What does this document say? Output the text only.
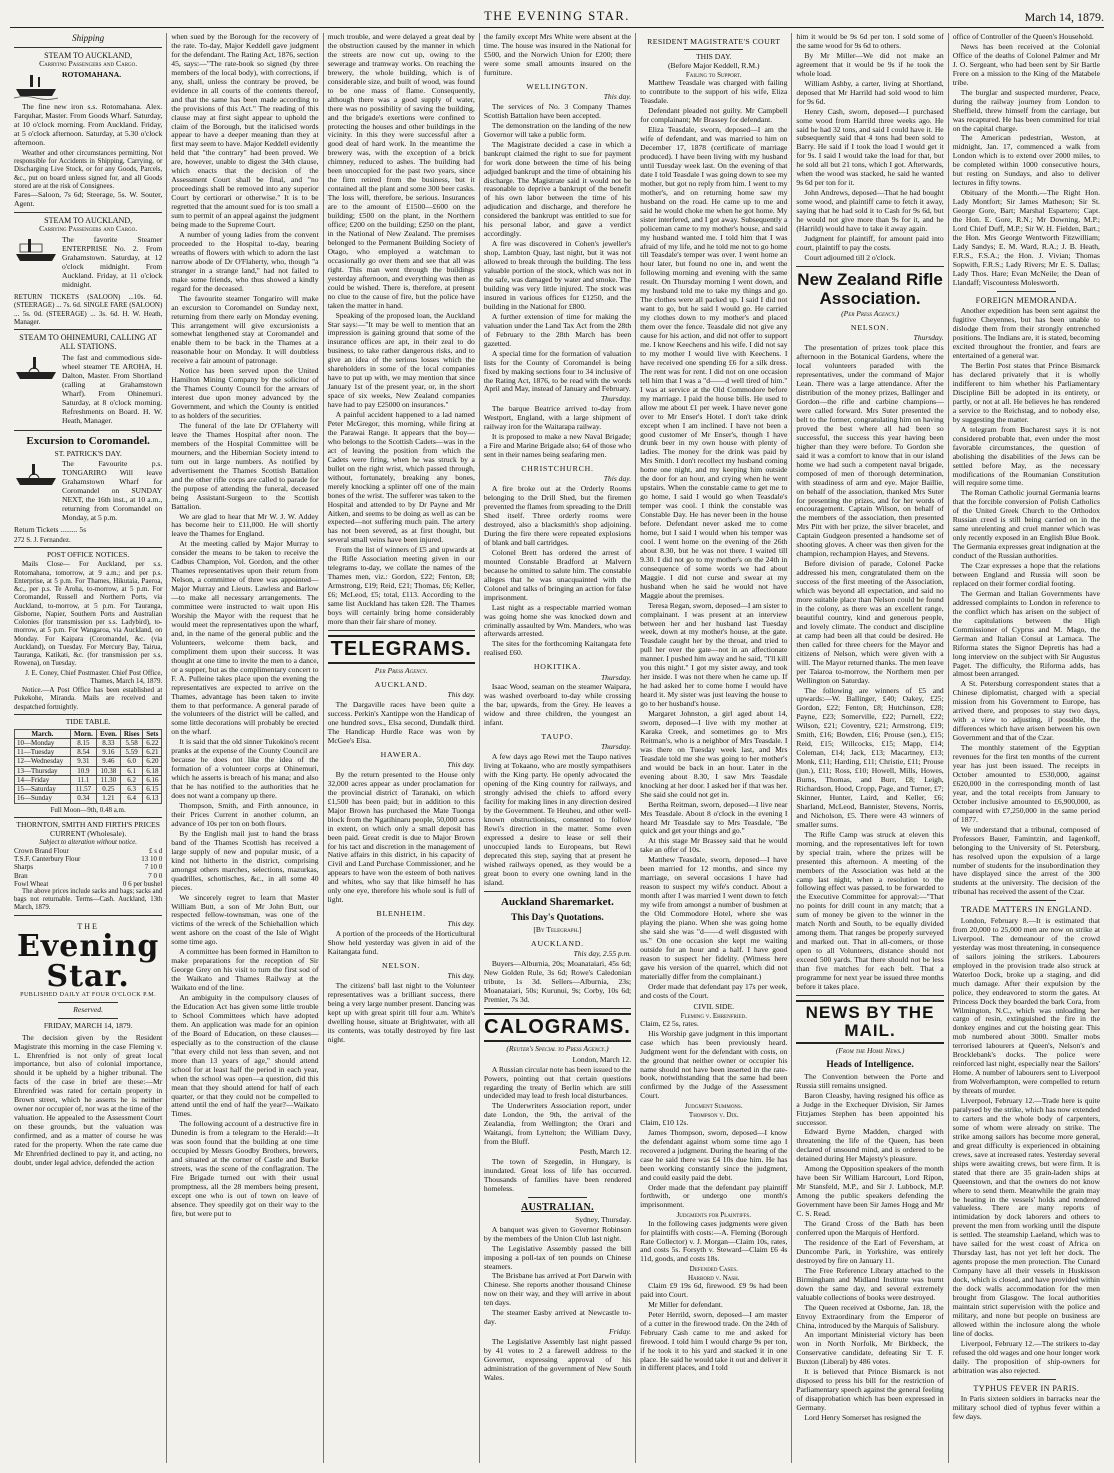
THE EVENING STAR.	March 14, 1879.
Shipping
STEAM TO AUCKLAND,
Carrying Passengers and Cargo.
ROTOMAHANA.

The fine new iron s.s. Rotomahana. Alex. Farquhar, Master. From Goods Wharf. Saturday, at 10 o'clock morning. From Auckland. Friday, at 5 o'clock afternoon. Saturday, at 5.30 o'clock afternoon.

Weather and other circumstances permitting. Not responsible for Accidents in Shipping, Carrying, or Discharging Live Stock, or for any Goods, Parcels, &c., put on board unless signed for, and all Goods stored are at the risk of Consignees.

Fares—Saloon, 7s 6d; Steerage, 5s. W. Souter, Agent.

STEAM TO AUCKLAND,
Carrying Passengers and Cargo.

The favorite Steamer ENTERPRISE No. 2. From Grahamstown. Saturday, at 12 o'clock midnight. From Auckland. Friday, at 11 o'clock midnight.

RETURN TICKETS (SALOON) ...10s. 6d. (STEERAGE) ... 7s. 6d. SINGLE FARE (SALOON) ... 5s. 0d. (STEERAGE) ... 3s. 6d. H. W. Heath, Manager.

STEAM TO OHINEMURI, CALLING AT ALL STATIONS.

The fast and commodious side-wheel steamer TE AROHA, H. Dalton, Master. From Shortland (calling at Grahamstown Wharf). From Ohinemuri. Saturday, at 8 o'clock morning. Refreshments on Board. H. W. Heath, Manager.

Excursion to Coromandel.
ST. PATRICK'S DAY.

The Favourite p.s. TONGARIRO Will leave Grahamstown Wharf for Coromandel on SUNDAY NEXT, the 16th inst., at 10 a.m., returning from Coromandel on Monday, at 5 p.m.

Return Tickets ......... 5s

272 S. J. Fernandez.

POST OFFICE NOTICES.

Mails Close— For Auckland, per s.s. Rotomahana, tomorrow, at 9 a.m.; and per p.s. Enterprise, at 5 p.m. For Thames, Hikutaia, Paeroa, &c., per p.s. Te Aroha, to-morrow, at 5 p.m. For Coromandel, Russell and Northern Ports, via Auckland, to-morrow, at 5 p.m. For Tauranga, Gisborne, Napier, Southern Ports and Australian Colonies (for transmission per s.s. Ladybird), to-morrow, at 5 p.m. For Wangaroa, via Auckland, on Monday. For Kaipara (Coromandel, &c. (via Auckland), on Tuesday. For Mercury Bay, Tairua, Tauranga, Katikati, &c. (for transmission per s.s. Rowena), on Tuesday.

J. E. Coney, Chief Postmaster. Chief Post Office, Thames, March 14, 1879.

Notice.—A Post Office has been established at Pukekohe, Miranda. Mails are received and despatched fortnightly.

TIDE TABLE.
March.	Morn.	Even.	Rises	Sets
10—Monday	8.15	8.33	5.58	6.22
11—Tuesday	8.54	9.16	5.59	6.21
12—Wednesday	9.31	9.46	6.0	6.20
13—Thursday	10.9	10.38	6.1	6.18
14—Friday	11.1	11.30	6.2	6.16
15—Saturday	11.57	0.25	6.3	6.15
16—Sunday	0.34	1.21	6.4	6.13
Full Moon—9th, 0.48 a.m.
THORNTON, SMITH AND FIRTH'S PRICES CURRENT (Wholesale).
Subject to alteration without notice.
Crown Brand Flour	£ s d
T.S.F. Canterbury Flour	13 10 0
Sharps	7 10 0
Bran	7 0 0
Fowl Wheat	0 6 per bushel

The above prices include sacks and bags; sacks and bags not returnable. Terms—Cash. Auckland, 13th March, 1879.

THE
Evening Star.
PUBLISHED DAILY AT FOUR O'CLOCK P.M.
Reserved.
FRIDAY, MARCH 14, 1879.

The decision given by the Resident Magistrate this morning in the case Fleming v. L. Ehrenfried is not only of great local importance, but also of colonial importance, should it be upheld by a higher tribunal. The facts of the case in brief are these:—Mr Ehrenfried was rated for certain property in Brown street, which he asserts he is neither owner nor occupier of, nor was at the time of the valuation. He appealed to the Assessment Court on these grounds, but the valuation was confirmed, and as a matter of course he was rated for the property. When the rate came due Mr Ehrenfried declined to pay it, and acting, no doubt, under legal advice, defended the action

when sued by the Borough for the recovery of the rate. To-day, Major Keddell gave judgment for the defendant. The Rating Act, 1876, section 45, says:—"The rate-book so signed (by three members of the local body), with corrections, if any, shall, unless the contrary be proved, be evidence in all courts of the contents thereof, and that the same has been made according to the provisions of this Act." The reading of this clause may at first sight appear to uphold the claim of the Borough, but the italicised words appear to have a deeper meaning than they at first may seem to have. Major Keddell evidently held that "the contrary" had been proved. We are, however, unable to digest the 34th clause, which enacts that the decision of the Assessment Court shall be final, and "no proceedings shall be removed into any superior Court by certiorari or otherwise." It is to be regretted that the amount sued for is too small a sum to permit of an appeal against the judgment being made to the Supreme Court.

A number of young ladies from the convent proceeded to the Hospital to-day, bearing wreaths of flowers with which to adorn the last narrow abode of Dr O'Flaherty, who, though "a stranger in a strange land," had not failed to make some friends, who thus showed a kindly regard for the deceased.

The favourite steamer Tongariro will make an excursion to Coromandel on Sunday next, returning from there early on Monday evening. This arrangement will give excursionists a somewhat lengthened stay at Coromandel and enable them to be back in the Thames at a reasonable hour on Monday. It will doubtless receive a fair amount of patronage.

Notice has been served upon the United Hamilton Mining Company by the solicitor of the Thames County Council for the arrears of interest due upon money advanced by the Government, and which the County is entitled to as holders of the securities.

The funeral of the late Dr O'Flaherty will leave the Thames Hospital after noon. The members of the Hospital Committee will be mourners, and the Hibernian Society intend to turn out in large numbers. As notified by advertisement the Thames Scottish Battalion and the other rifle corps are called to parade for the purpose of attending the funeral, deceased being Assistant-Surgeon to the Scottish Battalion.

We are glad to hear that Mr W. J. W. Addey has become heir to £11,000. He will shortly leave the Thames for England.

At the meeting called by Major Murray to consider the means to be taken to receive the Cadbus Champion, Vol. Gordon, and the other Thames representatives upon their return from Nelson, a committee of three was appointed—Major Murray and Lieuts. Lawless and Barlow—to make all necessary arrangements. The committee were instructed to wait upon His Worship the Mayor with the request that he would meet the representatives upon the wharf, and, in the name of the general public and the Volunteers, welcome them back, and compliment them upon their success. It was thought at one time to invite the men to a dance, or a supper, but as the complimentary concert to F. A. Pulleine takes place upon the evening the representatives are expected to arrive on the Thames, advantage has been taken to invite them to that performance. A general parade of the volunteers of the district will be called, and some little decorations will probably be erected on the wharf.

It is said that the old sinner Tukokino's recent pranks at the expense of the County Council are because he does not like the idea of the formation of a volunteer corps at Ohinemuri, which he asserts is breach of his mana; and also that he has notified to the authorities that he does not want a company up there.

Thompson, Smith, and Firth announce, in their Prices Current in another column, an advance of 10s per ton on both flours.

By the English mail just to hand the brass band of the Thames Scottish has received a large supply of new and popular music, of a kind not hitherto in the district, comprising amongst others marches, selections, mazurkas, quadrilles, schottisches, &c., in all some 40 pieces.

We sincerely regret to learn that Master William Butt, a son of Mr John Butt, our respected fellow-townsman, was one of the victims of the wreck of the Schiehallion which went ashore on the coast of the Isle of Wight some time ago.

A committee has been formed in Hamilton to make preparations for the reception of Sir George Grey on his visit to turn the first sod of the Waikato and Thames Railway at the Waikato end of the line.

An ambiguity in the compulsory clauses of the Education Act has given some little trouble to School Committees which have adopted them. An application was made for an opinion of the Board of Education, on these clauses—especially as to the construction of the clause "that every child not less than seven, and not more than 13 years of age," should attend school for at least half the period in each year, when the school was open—a question, did this mean that they should attend for half of each quarter, or that they could not be compelled to attend until the end of half the year?—Waikato Times.

The following account of a destructive fire in Dunedin is from a telegram to the Herald:—It was soon found that the building at one time occupied by Messrs Goodby Brothers, brewers, and situated at the corner of Castle and Burke streets, was the scene of the conflagration. The Fire Brigade turned out with their usual promptness, all the 28 members being present, except one who is out of town on leave of absence. They speedily got on their way to the fire, but were put to

much trouble, and were delayed a great deal by the obstruction caused by the manner in which the streets are now cut up, owing to the sewerage and tramway works. On reaching the brewery, the whole building, which is of considerable size, and built of wood, was found to be one mass of flame. Consequently, although there was a good supply of water, there was no possibility of saving the building, and the brigade's exertions were confined to protecting the houses and other buildings in the vicinity. In this they were successful after a good deal of hard work. In the meantime the brewery was, with the exception of a brick chimney, reduced to ashes. The building had been unoccupied for the past two years, since the firm retired from the business, but it contained all the plant and some 300 beer casks. The loss will, therefore, be serious. Insurances are to the amount of £1500—£600 on the building; £500 on the plant, in the Northern office; £200 on the building; £250 on the plant, in the National of New Zealand. The premises belonged to the Permanent Building Society of Otago, who employed a watchman to occasionally go over them and see that all was right. This man went through the buildings yesterday afternoon, and everything was then as could be wished. There is, therefore, at present no clue to the cause of fire, but the police have taken the matter in hand.

Speaking of the proposed loan, the Auckland Star says:—"It may be well to mention that an impression is gaining ground that some of the insurance offices are apt, in their zeal to do business, to take rather dangerous risks, and to give an idea of the serious losses which the shareholders in some of the local companies have to put up with, we may mention that since January 1st of the present year, or, in the short space of six weeks, New Zealand companies have had to pay £25000 on insurances."

A painful accident happened to a lad named Peter McGregor, this morning, while firing at the Parawai Range. It appears that the boy—who belongs to the Scottish Cadets—was in the act of leaving the position from which the Cadets were firing, when he was struck by a bullet on the right wrist, which passed through, without, fortunately, breaking any bones, merely knocking a splinter off one of the main bones of the wrist. The sufferer was taken to the Hospital and attended to by Dr Payne and Mr Aitken, and seems to be doing as well as can be expected—not suffering much pain. The artery has not been severed, as at first thought, but several small veins have been injured.

From the list of winners of £5 and upwards at the Rifle Association meeting given in our telegrams to-day, we collate the names of the Thames men, viz.: Gordon, £22; Fenton, £8; Armstrong, £19; Reid, £21; Thomas, £6; Keller, £6; McLeod, £5; total, £113. According to the same list Auckland has taken £28. The Thames boys will certainly bring home considerably more than their fair share of money.

TELEGRAMS.
Per Press Agency.
AUCKLAND.

This day.

The Dargaville races have been quite a success. Perkin's Xantippe won the Handicap of one hundred sovs., Elsa second, Dundalk third. The Handicap Hurdle Race was won by McGee's Elsa.

HAWERA.

This day.

By the return presented to the House only 32,000 acres appear as under proclamation for the provincial district of Taranaki, on which £1,500 has been paid; but in addition to this Major Brown has purchased the Mate Tuonga block from the Ngatihinaru people, 50,000 acres in extent, on which only a small deposit has been paid. Great credit is due to Major Brown for his tact and discretion in the management of Native affairs in this district, in his capacity of Civil and Land Purchase Commissioner, and he appears to have won the esteem of both natives and whites, who say that like himself he has only one eye, therefore his whole soul is full of light.

BLENHEIM.

This day.

A portion of the proceeds of the Horticultural Show held yesterday was given in aid of the Kaitangata fund.

NELSON.

This day.

The citizens' ball last night to the Volunteer representatives was a brilliant success, there being a very large number present. Dancing was kept up with great spirit till four a.m. White's dwelling house, situate at Brightwater, with all its contents, was totally destroyed by fire last night.

the family except Mrs White were absent at the time. The house was insured in the National for £500, and the Norwich Union for £200; there were some small amounts insured on the furniture.

WELLINGTON.

This day.

The services of No. 3 Company Thames Scottish Battalion have been accepted.

The demonstration on the landing of the new Governor will take a public form.

The Magistrate decided a case in which a bankrupt claimed the right to sue for payment for work done between the time of his being adjudged bankrupt and the time of obtaining his discharge. The Magistrate said it would not be reasonable to deprive a bankrupt of the benefit of his own labor between the time of his adjudication and discharge, and therefore he considered the bankrupt was entitled to sue for his personal labor, and gave a verdict accordingly.

A fire was discovered in Cohen's jeweller's shop, Lambton Quay, last night, but it was not allowed to break through the building. The less valuable portion of the stock, which was not in the safe, was damaged by water and smoke. The building was very little injured. The stock was insured in various offices for £1250, and the building in the National for £800.

A further extension of time for making the valuation under the Land Tax Act from the 28th of February to the 28th March has been gazetted.

A special time for the formation of valuation lists for the County of Coromandel is being fixed by making sections four to 34 inclusive of the Rating Act, 1876, to be read with the words April and May, instead of January and February.

Thursday.

The barque Beatrice arrived to-day from Westport, England, with a large shipment of railway iron for the Waitarapa railway.

It is proposed to make a new Naval Brigade; a Fire and Marine Brigade also; 64 of those who sent in their names being seafaring men.

CHRISTCHURCH.

This day.

A fire broke out at the Orderly Rooms belonging to the Drill Shed, but the firemen prevented the flames from spreading to the Drill Shed itself. Three orderly rooms were destroyed, also a blacksmith's shop adjoining. During the fire there were repeated explosions of blank and ball cartridges.

Colonel Brett has ordered the arrest of mounted Constable Bradford at Malvern because he omitted to salute him. The constable alleges that he was unacquainted with the Colonel and talks of bringing an action for false imprisonment.

Last night as a respectable married woman was going home she was knocked down and criminally assaulted by Wm. Manders, who was afterwards arrested.

The sites for the forthcoming Kaitangata fete realised £60.

HOKITIKA.

Thursday.

Isaac Wood, seaman on the steamer Waipara, was washed overboard to-day while crossing the bar, upwards, from the Grey. He leaves a widow and three children, the youngest an infant.

TAUPO.

Thursday.

A few days ago Rewi met the Taupo natives living at Tokaano, who are mostly sympathisers with the King party. He openly advocated the opening of the King country for railways, and strongly advised the chiefs to afford every facility for making lines in any direction desired by the Government. Te Heuheu, and other well-known obstructionists, consented to follow Rewi's direction in the matter. Some even expressed a desire to lease or sell their unoccupied lands to Europeans, but Rewi deprecated this step, saying that at present he wished railways opened, as they would be a great boon to every one owning land in the island.

Auckland Sharemarket.
This Day's Quotations.
[By Telegraph.]
AUCKLAND.

This day, 2.55 p.m.

Buyers—Alburnia, 20s; Moanataiari, 45s 6d; New Golden Rule, 3s 6d; Rowe's Caledonian tribute, 1s 3d. Sellers—Alburnia, 23s; Moanataiari, 50s; Kurunui, 9s; Corby, 10s 6d; Premier, 7s 3d.

CALOGRAMS.
(Reuter's Special to Press Agency.)

London, March 12.

A Russian circular note has been issued to the Powers, pointing out that certain questions regarding the treaty of Berlin which are still undecided may lead to fresh local disturbances.

The Underwriters Association report, under date London, the 9th, the arrival of the Zealandia, from Wellington; the Orari and Waitangi, from Lyttelton; the William Davy, from the Bluff.

Pesth, March 12.

The town of Szegedin, in Hungary, is inundated. Great loss of life has occurred. Thousands of families have been rendered homeless.

AUSTRALIAN.

Sydney, Thursday.

A banquet was given to Governor Robinson by the members of the Union Club last night.

The Legislative Assembly passed the bill imposing a poll-tax of ten pounds on Chinese steamers.

The Brisbane has arrived at Port Darwin with Chinese. She reports another thousand Chinese now on their way, and they will arrive in about ten days.

The steamer Easby arrived at Newcastle to-day.

Friday.

The Legislative Assembly last night passed by 41 votes to 2 a farewell address to the Governor, expressing approval of his administration of the government of New South Wales.

RESIDENT MAGISTRATE'S COURT
THIS DAY.
(Before Major Keddell, R.M.)
Failing to Support.

Matthew Teasdale was charged with failing to contribute to the support of his wife, Eliza Teasdale.

Defendant pleaded not guilty. Mr Campbell for complainant; Mr Brassey for defendant.

Eliza Teasdale, sworn, deposed—I am the wife of defendant, and was married to him on December 17, 1878 (certificate of marriage produced). I have been living with my husband until Tuesday week last. On the evening of that date I told Teasdale I was going down to see my mother, but got no reply from him. I went to my mother's, and on returning home saw my husband on the road. He came up to me and said he would choke me when he got home. My sister interfered, and I got away. Subsequently a policeman came to my mother's house, and said my husband wanted me. I told him that I was afraid of my life, and he told me not to go home till Teasdale's temper was over. I went home an hour later, but found no one in, and went the following morning and evening with the same result. On Thursday morning I went down, and my husband told me to take my things and go. The clothes were all packed up. I said I did not want to go, but he said I would go. He carried my clothes down to my mother's and placed them over the fence. Teasdale did not give any cause for his action, and did not offer to support me. I know Keechens and his wife. I did not say to my mother I would live with Keechens. I have received one spending £6 for a silk dress. The rent was for rent. I did not on one occasion tell him that I was a "d——d well tired of him." I was at service at the Old Commodore before my marriage. I paid the house bills. He used to allow me about £1 per week. I have never gone over to Mr Enser's Hotel. I don't take drink except when I am inclined. I have not been a good customer of Mr Enser's, though I have drunk beer in my own house with plenty of ladies. The money for the drink was paid by Mrs Smith. I don't recollect my husband coming home one night, and my keeping him outside the door for an hour, and crying when he went upstairs. When the constable came to get me to go home, I said I would go when Teasdale's temper was cool. I think the constable was Constable Day. He has never been in the house before. Defendant never asked me to come home, but I said I would when his temper was cool. I went home on the evening of the 26th about 8.30, but he was not there. I waited till 9.30. I did not go to my mother's on the 24th in consequence of some words we had about Maggie. I did not curse and swear at my husband when he said he would not have Maggie about the premises.

Teresa Regan, sworn, deposed—I am sister to complainant. I was present at an interview between her and her husband last Tuesday week, down at my mother's house, at the gate. Teasdale caught her by the throat, and tried to pull her over the gate—not in an affectionate manner. I pushed him away and he said, "I'll kill you this night." I got my sister away, and took her inside. I was not there when he came up. If he had asked her to come home I would have heard it. My sister was just leaving the house to go to her husband's house.

Margaret Johnston, a girl aged about 14, sworn, deposed—I live with my mother at Karaka Creek, and sometimes go to Mrs Reitman's, who is a neighbor of Mrs Teasdale. I was there on Tuesday week last, and Mrs Teasdale told me she was going to her mother's and would be back in an hour. Later in the evening about 8.30, I saw Mrs Teasdale knocking at her door. I asked her if that was her. She said she could not get in.

Bertha Reitman, sworn, deposed—I live near Mrs Teasdale. About 8 o'clock in the evening I heard Mr Teasdale say to Mrs Teasdale, "Be quick and get your things and go."

At this stage Mr Brassey said that he would take an offer of 10s.

Matthew Teasdale, sworn, deposed—I have been married for 12 months, and since my marriage, on several occasions I have had reason to suspect my wife's conduct. About a month after I was married I went down to fetch my wife from amongst a number of bushmen at the Old Commodore Hotel, where she was playing the piano. When she was going home she said she was "d——d well disgusted with us." On one occasion she kept me waiting outside for an hour and a half. I have good reason to suspect her fidelity. (Witness here gave his version of the quarrel, which did not materially differ from the complainant.)

Order made that defendant pay 17s per week, and costs of the Court.

CIVIL SIDE.
Fleming v. Ehrenfried.

Claim, £2 5s, rates.

His Worship gave judgment in this important case which has been previously heard. Judgment went for the defendant with costs, on the ground that neither owner or occupier his name should not have been inserted in the rate-book, notwithstanding that the same had been confirmed by the Judge of the Assessment Court.

Judgment Summons.
Thompson v. Dix.

Claim, £10 12s.

James Thompson, sworn, deposed—I know the defendant against whom some time ago I recovered a judgment. During the hearing of the case he said there was £4 10s due him. He has been working constantly since the judgment, and could easily paid the debt.

Order made that the defendant pay plaintiff forthwith, or undergo one month's imprisonment.

Judgments for Plaintiffs.

In the following cases judgments were given for plaintiffs with costs:—A. Fleming (Borough Rate Collector) v. J. Morgan—Claim 10s, rates, and costs 5s. Forsyth v. Steward—Claim £6 4s 11d, goods, and costs 18s.

Defended Cases.
Harbord v. Nash.

Claim £9 19s 6d, firewood. £9 9s had been paid into Court.

Mr Miller for defendant.

Peter Herrild, sworn, deposed—I am master of a cutter in the firewood trade. On the 24th of February Cash came to me and asked for firewood. I told him I would charge 9s per ton, if he took it to his yard and stacked it in one place. He said he would take it out and deliver it in different places, and I told

him it would be 9s 6d per ton. I sold some of the same wood for 9s 6d to others.

By Mr Miller—We did not make an agreement that it would be 9s if he took the whole load.

William Ashby, a carter, living at Shortland, deposed that Mr Harrild had sold wood to him for 9s 6d.

Henry Cash, sworn, deposed—I purchased some wood from Harrild three weeks ago. He said he had 32 tons, and said I could have it. He subsequently said that 4 tons had been sold to Barry. He said if I took the load I would get it for 9s. I said I would take the load for that, but he sold all but 21 tons, which I got. Afterwards, when the wood was stacked, he said he wanted 9s 6d per ton for it.

John Andrews, deposed—That he had bought some wood, and plaintiff came to fetch it away, saying that he had sold it to Cash for 9s 6d, but he would not give more than 9s for it, and he (Harrild) would have to take it away again.

Judgment for plaintiff, for amount paid into court, plaintiff to pay the costs.

Court adjourned till 2 o'clock.

New Zealand Rifle Association.
(Per Press Agency.)
NELSON.

Thursday.

The presentation of prizes took place this afternoon in the Botanical Gardens, where the local volunteers paraded with the representatives, under the command of Major Lean. There was a large attendance. After the distribution of the money prizes, Ballinger and Gordon—the rifle and carbine champions—were called forward. Mrs Suter presented the belt to the former, congratulating him on having proved the best where all had been so successful, the success this year having been higher than they were before. To Gordon she said it was a comfort to know that in our island home we had such a competent naval brigade, composed of men of thorough determination, with steadiness of arm and eye. Major Baillie, on behalf of the association, thanked Mrs Suter for presenting the prizes, and for her words of encouragement. Captain Wilson, on behalf of the members of the association, then presented Mrs Pitt with her prize, the silver bracelet, and Captain Gudgeon presented a handsome set of shooting gloves. A cheer was then given for the champion, rechampion Hayes, and Stevens.

Before division of parade, Colonel Packe addressed his men, congratulated them on the success of the first meeting of the Association, which was beyond all expectation, and said no more suitable place than Nelson could be found in the colony, as there was an excellent range, beautiful country, kind and generous people, and lovely climate. The conduct and discipline at camp had been all that could be desired. He then called for three cheers for the Mayor and citizens of Nelson, which were given with a will. The Mayor returned thanks. The men leave per Taiaroa to-morrow, the Northern men per Wellington on Saturday.

The following are winners of £5 and upwards:—W. Ballinger, £40; Oakey, £25; Gordon, £22; Fenton, £8; Hutchinson, £28; Payne, £23; Somerville, £22; Purnell, £22; Wilson, £21; Coventry, £21; Armstrong, £19; Smith, £16; Bowden, £16; Prouse (sen.), £15; Reid, £15; Willcocks, £15; Mapp, £14; Coleman, £14; Jack, £13; Macartney, £13; Monk, £11; Harding, £11; Christie, £11; Prouse (jun.), £11; Ross, £10; Howell, Mills, Howes, Burns, Thomas, and Burr, £8; Leigh, Richardson, Hood, Cropp, Page, and Turner, £7; Skinner, Hunter, Laird, and Keller, £6; Sharland, McLeod, Bannister, Stevens, Norris, and Nicholson, £5. There were 43 winners of smaller sums.

The Rifle Camp was struck at eleven this morning, and the representatives left for town by special train, where the prizes will be presented this afternoon. A meeting of the members of the Association was held at the camp last night, when a resolution to the following effect was passed, to be forwarded to the Executive Committee for approval:—"That no points for drill count in any match; that a sum of money be given to the winner in the match North and South, to be equally divided among them. That ranges be properly surveyed and marked out. That in all-comers, or those open to all Volunteers, distance should not exceed 500 yards. That there should not be less than five matches for each belt. That a programme for next year be issued three months before it takes place.

NEWS BY THE MAIL.
(From the Home News.)
Heads of Intelligence.

The Convention between the Porte and Russia still remains unsigned.

Baron Cleasby, having resigned his office as a Judge in the Exchequer Division, Sir James Fitzjames Stephen has been appointed his successor.

Edward Byrne Madden, charged with threatening the life of the Queen, has been declared of unsound mind, and is ordered to be detained during Her Majesty's pleasure.

Among the Opposition speakers of the month have been Sir William Harcourt, Lord Ripon, Mr Stansfeld, M.P., and Sir J. Lubbock, M.P. Among the public speakers defending the Government have been Sir James Hogg and Mr C. S. Read.

The Grand Cross of the Bath has been conferred upon the Marquis of Hertford.

The residence of the Earl of Feversham, at Duncombe Park, in Yorkshire, was entirely destroyed by fire on January 11.

The Free Reference Library attached to the Birmingham and Midland Institute was burnt down the same day, and several extremely valuable collections of books were destroyed.

The Queen received at Osborne, Jan. 18, the Envoy Extraordinary from the Emperor of China, introduced by the Marquis of Salisbury.

An important Ministerial victory has been won in North Norfolk, Mr Birkbeck, the Conservative candidate, defeating Sir T. F. Buxton (Liberal) by 486 votes.

It is believed that Prince Bismarck is not disposed to press his bill for the restriction of Parliamentary speech against the general feeling of disapprobation which has been expressed in Germany.

Lord Henry Somerset has resigned the

office of Controller of the Queen's Household.

News has been received at the Colonial Office of the deaths of Colonel Palmer and Mr J. O. Sergeant, who had been sent by Sir Bartle Frere on a mission to the King of the Matabele tribe.

The burglar and suspected murderer, Peace, during the railway journey from London to Sheffield, threw himself from the carriage, but was recaptured. He has been committed for trial on the capital charge.

The American pedestrian, Weston, at midnight, Jan. 17, commenced a walk from London which is to extend over 2000 miles, to be completed within 1000 consecutive hours, but resting on Sundays, and also to deliver lectures in fifty towns.

Obituary of the Month.—The Right Hon. Lady Montfort; Sir James Matheson; Sir St. George Gore, Bart; Marshal Espartero; Capt. the Hon. E. Gore, R.N.; Mr Downing, M.P.; Lord Chief Duff, M.P.; Sir W. H. Fielden, Bart.; the Hon. Mrs George Wentworth Fitzwilliam; Lady Sandys; E. M. Ward, R.A.; J. B. Heath, F.R.S., F.S.A.; the Hon. J. Vivian; Thomas Sopwith, F.R.S.; Lady Rivers; Mr E. S. Dallas; Lady Thos. Hare; Evan McNeile; the Dean of Llandaff; Viscountess Molesworth.

FOREIGN MEMORANDA.

Another expedition has been sent against the fugitive Cheyennes, but has been unable to dislodge them from their strongly entrenched positions. The Indians are, it is stated, becoming excited throughout the frontier, and fears are entertained of a general war.

The Berlin Post states that Prince Bismarck has declared privately that it is wholly indifferent to him whether his Parliamentary Discipline Bill be adopted in its entirety, or partly, or not at all. He believes he has rendered a service to the Reichstag, and to nobody else, by suggesting the matter.

A telegram from Bucharest says it is not considered probable that, even under the most favorable circumstances, the question of abolishing the disabilities of the Jews can be settled before May, as the necessary modifications of the Roumanian Constitution will require some time.

The Roman Catholic journal Germania learns that the forcible conversion of Polish Catholics of the United Greek Church to the Orthodox Russian creed is still being carried on in the same unrelenting and cruel manner which was only recently exposed in an English Blue Book. The Germania expresses great indignation at the conduct of the Russian authorities.

The Czar expresses a hope that the relations between England and Russia will soon be replaced on their former cordial footing.

The German and Italian Governments have addressed complaints to London in reference to the conflict which has arisen on the subject of the capitulations between the High Commissioner of Cyprus and M. Mago, the German and Italian Consul at Larnaca. The Riforma states the Signor Depretis has had a long interview on the subject with Sir Augustus Paget. The difficulty, the Riforma adds, has almost been arranged.

A St. Petersburg correspondent states that a Chinese diplomatist, charged with a special mission from his Government to Europe, has arrived there, and proposes to stay two days, with a view to adjusting, if possible, the differences which have arisen between his own Government and that of the Czar.

The monthly statement of the Egyptian revenues for the first ten months of the current year has just been issued. The receipts in October amounted to £530,000, against £620,000 in the corresponding month of last year, and the total receipts from January to October inclusive amounted to £6,900,000, as compared with £7,250,000 in the same period of 1877.

We understand that a tribunal, composed of Professors Bauer, Famintzin, and Iagenkoff, belonging to the University of St. Petersburg, has resolved upon the expulsion of a large number of students for the insubordination they have displayed since the arrest of the 300 students at the university. The decision of the tribunal has received the assent of the Czar.

TRADE MATTERS IN ENGLAND.

London, February 8.—It is estimated that from 20,000 to 25,000 men are now on strike at Liverpool. The demeanour of the crowd yesterday was most threatening, in consequence of sailors joining the strikers. Labourers employed in the provision trade also struck at Waterloo Dock, broke up a staging, and did much damage. After their expulsion by the police, they endeavored to storm the gates. At Princess Dock they boarded the bark Cora, from Wilmington, N.C., which was unloading her cargo of resin, extinguished the fire in the donkey engines and cut the hoisting gear. This mob numbered about 3000. Smaller mobs terrorised labourers at Queen's, Nelson's and Brocklebank's docks. The police were reinforced last night, especially near the Sailors' Home. A number of labourers sent to Liverpool from Wolverhampton, were compelled to return by threats of murder.

Liverpool, February 12.—Trade here is quite paralysed by the strike, which has now extended to carters and the whole body of carpenters, some of whom were already on strike. The strike among sailors has become more general, and great difficulty is experienced in obtaining crews, save at increased rates. Yesterday several ships were awaiting crews, but were firm. It is stated that there are 35 grain-laden ships at Queenstown, and that the owners do not know where to send them. Meanwhile the grain may be heating in the vessels' holds and rendered valueless. There are many reports of intimidation by dock laborers and others to prevent the men from working until the dispute is settled. The steamship Laeland, which was to have sailed for the west coast of Africa on Thursday last, has not yet left her dock. The agents propose the men protection. The Cunard Company have all their vessels in Huskisson dock, which is closed, and have provided within the dock walls accommodation for the men brought from Glasgow. The local authorities maintain strict supervision with the police and military, and none but people on business are allowed within the inclosure along the whole line of docks.

Liverpool, February 12.—The strikers to-day refused the old wages and one hour longer work daily. The proposition of ship-owners for arbitration was also rejected.

TYPHUS FEVER IN PARIS.

In Paris sixteen soldiers in barracks near the military school died of typhus fever within a few days.
